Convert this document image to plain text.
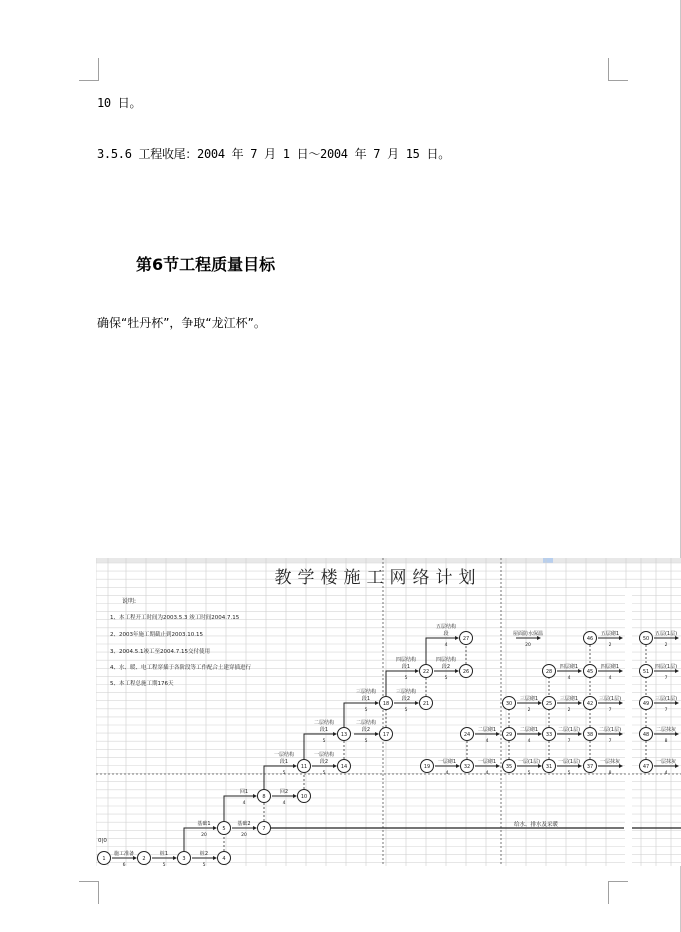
10 日。
3.5.6 工程收尾：2004 年 7 月 1 日～2004 年 7 月 15 日。
第6节工程质量目标
确保“牡丹杯”，争取“龙江杯”。
教学楼施工网络计划
说明:
1、本工程开工时间为2003.5.3 竣工时间2004.7.15
2、2003年施工期截止到2003.10.15
3、2004.5.1竣工至2004.7.15交付使用
4、水、暖、电工程穿插于各阶段等工作配合土建穿插进行
5、本工程总施工期176天
0|0
给水、排水及采暖
施工准备
6
桩1
5
桩2
5
基础1
20
基础2
20
回1
4
回2
4
一层结构
段1
5
一层结构
段2
5
二层结构
段1
5
二层结构
段2
5
三层结构
段1
5
三层结构
段2
5
四层结构
段1
5
四层结构
段2
5
五层结构
段
4
屋面防水保温
20
五层砌1
2
四层砌1
4
四层砌1
4
三层砌1
2
三层砌1
2
三层(1层)
7
二层砌1
4
二层砌1
4
二层(1层)
7
二层(1层)
7
一层砌1
4
一层砌1
4
一层(1层)
5
一层(1层)
5
一层抹灰
8
五层(1层)
2
四层(1层)
7
三层(1层)
7
二层抹灰
8
一层抹灰
4
1	2	3	4
5	7
8	10
11	14
13	17
18	21
22	26
27	46
45
28
30	25	42
24	29	33	38
19	32	35	31	37
50
51
49
48
47
